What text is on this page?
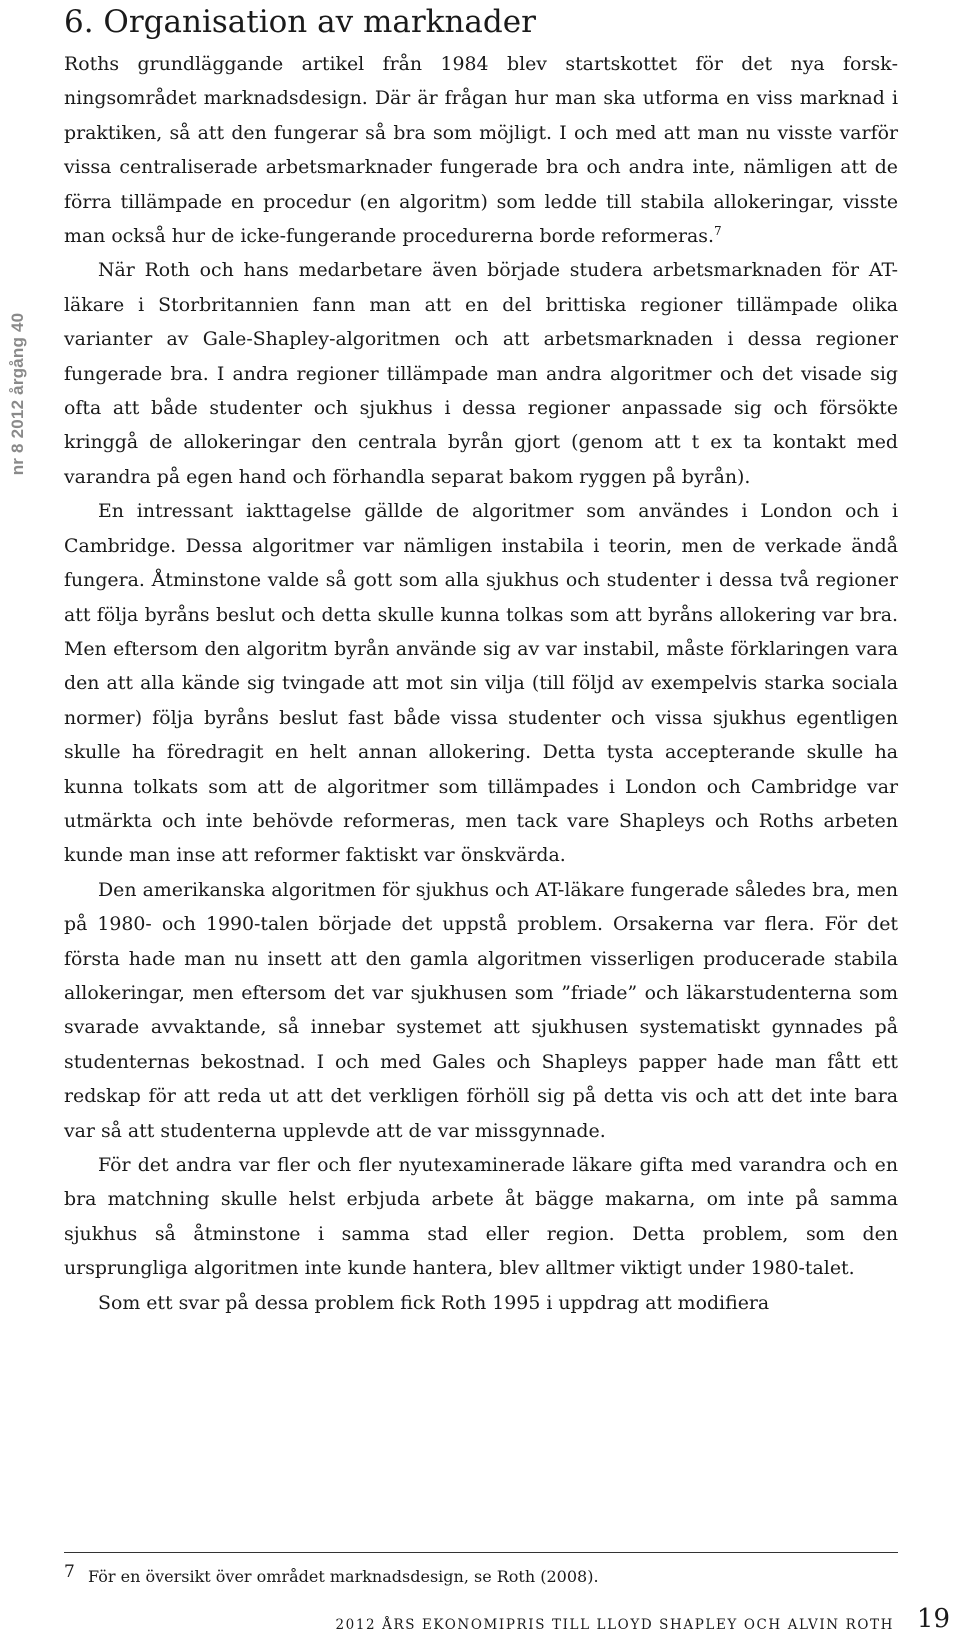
nr 8 2012 årgång 40
6. Organisation av marknader

Roths grundläggande artikel från 1984 blev startskottet för det nya forskningsområdet marknadsdesign. Där är frågan hur man ska utforma en viss marknad i praktiken, så att den fungerar så bra som möjligt. I och med att man nu visste varför vissa centraliserade arbetsmarknader fungerade bra och andra inte, nämligen att de förra tillämpade en procedur (en algoritm) som ledde till stabila allokeringar, visste man också hur de icke-fungerande procedurerna borde reformeras.$^7$

När Roth och hans medarbetare även började studera arbetsmarknaden för AT-läkare i Storbritannien fann man att en del brittiska regioner tillämpade olika varianter av Gale-Shapley-algoritmen och att arbetsmarknaden i dessa regioner fungerade bra. I andra regioner tillämpade man andra algoritmer och det visade sig ofta att både studenter och sjukhus i dessa regioner anpassade sig och försökte kringgå de allokeringar den centrala byrån gjort (genom att t ex ta kontakt med varandra på egen hand och förhandla separat bakom ryggen på byrån).

En intressant iakttagelse gällde de algoritmer som användes i London och i Cambridge. Dessa algoritmer var nämligen instabila i teorin, men de verkade ändå fungera. Åtminstone valde så gott som alla sjukhus och studenter i dessa två regioner att följa byråns beslut och detta skulle kunna tolkas som att byråns allokering var bra. Men eftersom den algoritm byrån använde sig av var instabil, måste förklaringen vara den att alla kände sig tvingade att mot sin vilja (till följd av exempelvis starka sociala normer) följa byråns beslut fast både vissa studenter och vissa sjukhus egentligen skulle ha föredragit en helt annan allokering. Detta tysta accepterande skulle ha kunna tolkats som att de algoritmer som tillämpades i London och Cambridge var utmärkta och inte behövde reformeras, men tack vare Shapleys och Roths arbeten kunde man inse att reformer faktiskt var önskvärda.

Den amerikanska algoritmen för sjukhus och AT-läkare fungerade således bra, men på 1980- och 1990-talen började det uppstå problem. Orsakerna var flera. För det första hade man nu insett att den gamla algoritmen visserligen producerade stabila allokeringar, men eftersom det var sjukhusen som ”friade” och läkarstudenterna som svarade avvaktande, så innebar systemet att sjukhusen systematiskt gynnades på studenternas bekostnad. I och med Gales och Shapleys papper hade man fått ett redskap för att reda ut att det verkligen förhöll sig på detta vis och att det inte bara var så att studenterna upplevde att de var missgynnade.

För det andra var fler och fler nyutexaminerade läkare gifta med varandra och en bra matchning skulle helst erbjuda arbete åt bägge makarna, om inte på samma sjukhus så åtminstone i samma stad eller region. Detta problem, som den ursprungliga algoritmen inte kunde hantera, blev alltmer viktigt under 1980-talet.

Som ett svar på dessa problem fick Roth 1995 i uppdrag att modifiera

7 För en översikt över området marknadsdesign, se Roth (2008).
2012 ÅRS EKONOMIPRIS TILL LLOYD SHAPLEY OCH ALVIN ROTH 19
